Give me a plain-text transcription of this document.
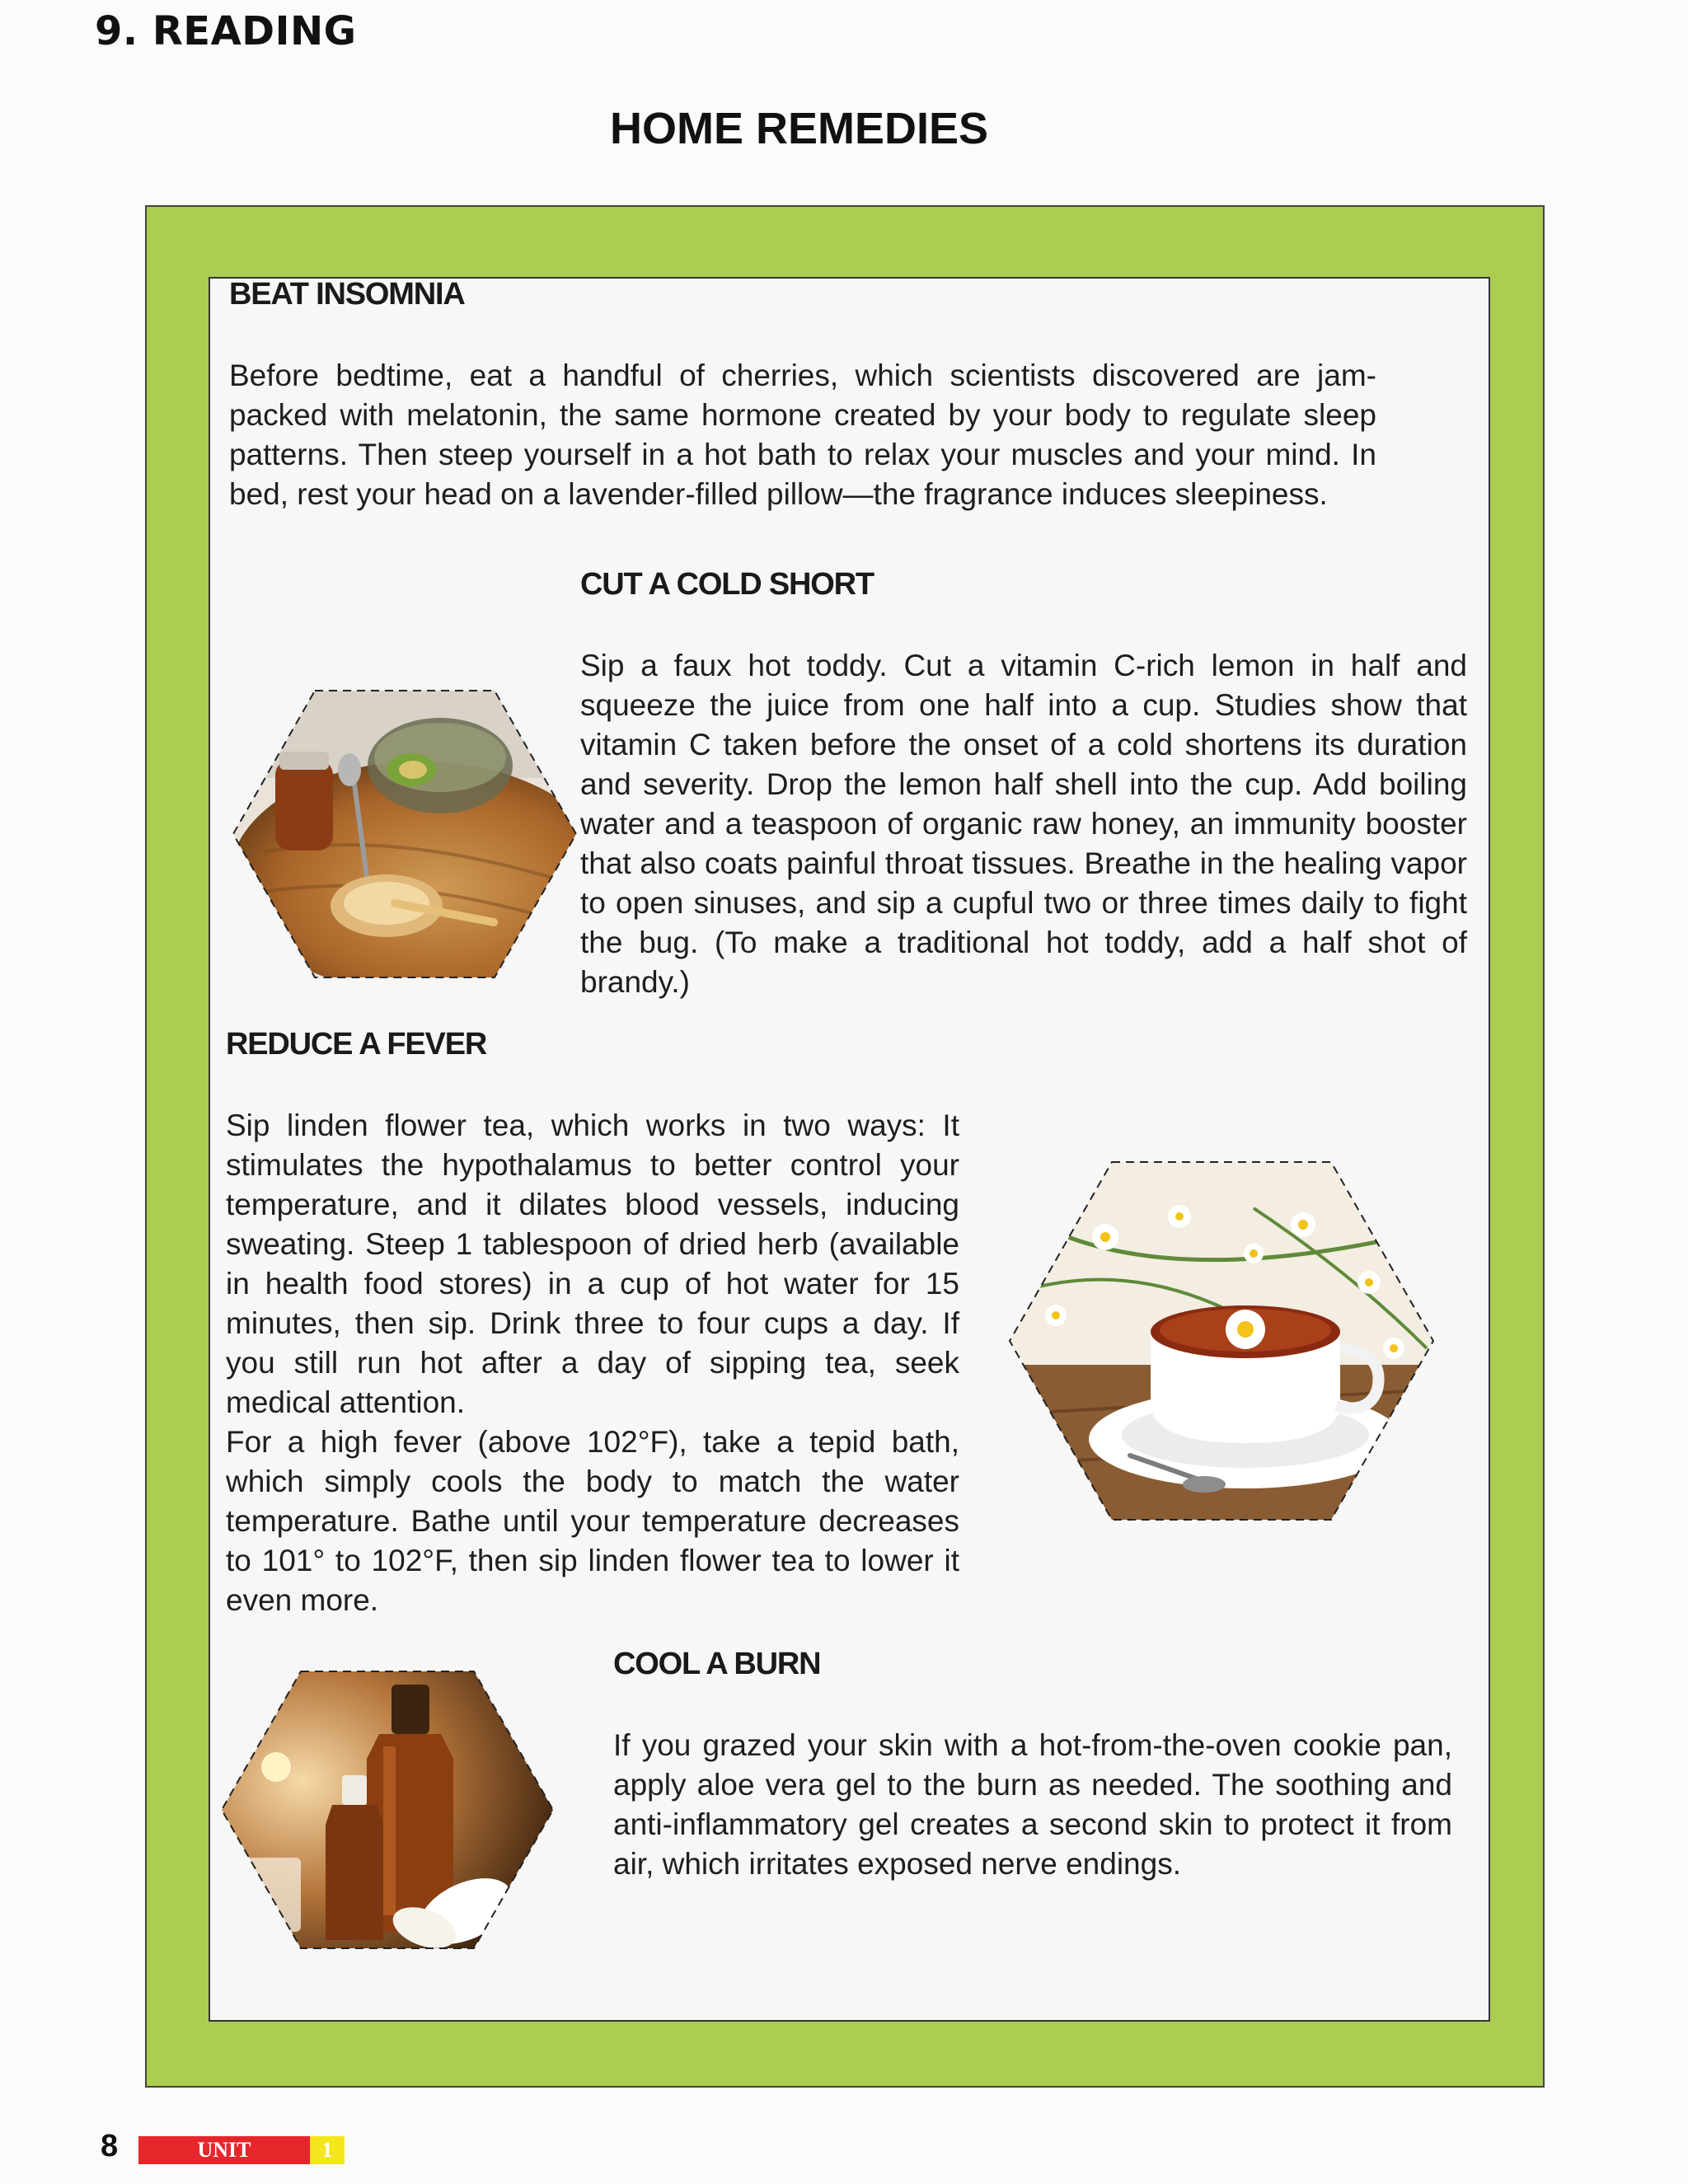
9. READING
HOME REMEDIES
BEAT INSOMNIA

Before bedtime, eat a handful of cherries, which scientists discovered are jam-packed with melatonin, the same hormone created by your body to regulate sleep patterns. Then steep yourself in a hot bath to relax your muscles and your mind. In bed, rest your head on a lavender-filled pillow—the fragrance induces sleepiness.

CUT A COLD SHORT

Sip a faux hot toddy. Cut a vitamin C-rich lemon in half and squeeze the juice from one half into a cup. Studies show that vitamin C taken before the onset of a cold shortens its duration and severity. Drop the lemon half shell into the cup. Add boiling water and a teaspoon of organic raw honey, an immunity booster that also coats painful throat tissues. Breathe in the healing vapor to open sinuses, and sip a cupful two or three times daily to fight the bug. (To make a traditional hot toddy, add a half shot of brandy.)

REDUCE A FEVER

Sip linden flower tea, which works in two ways: It stimulates the hypothalamus to better control your temperature, and it dilates blood vessels, inducing sweating. Steep 1 tablespoon of dried herb (available in health food stores) in a cup of hot water for 15 minutes, then sip. Drink three to four cups a day. If you still run hot after a day of sipping tea, seek medical attention.

For a high fever (above 102°F), take a tepid bath, which simply cools the body to match the water temperature. Bathe until your temperature decreases to 101° to 102°F, then sip linden flower tea to lower it even more.

COOL A BURN

If you grazed your skin with a hot-from-the-oven cookie pan, apply aloe vera gel to the burn as needed. The soothing and anti-inflammatory gel creates a second skin to protect it from air, which irritates exposed nerve endings.

8	UNIT	1
